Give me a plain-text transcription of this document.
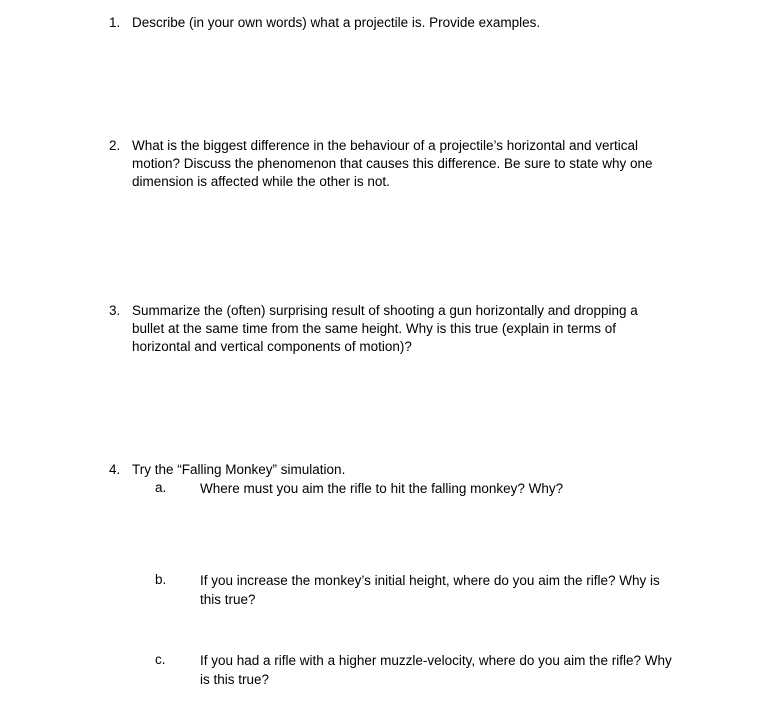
1. Describe (in your own words) what a projectile is. Provide examples.
2. What is the biggest difference in the behaviour of a projectile’s horizontal and vertical motion? Discuss the phenomenon that causes this difference. Be sure to state why one dimension is affected while the other is not.
3. Summarize the (often) surprising result of shooting a gun horizontally and dropping a bullet at the same time from the same height. Why is this true (explain in terms of horizontal and vertical components of motion)?
4. Try the “Falling Monkey” simulation.
a.	Where must you aim the rifle to hit the falling monkey? Why?
b.	If you increase the monkey’s initial height, where do you aim the rifle? Why is this true?
c.	If you had a rifle with a higher muzzle-velocity, where do you aim the rifle? Why is this true?
